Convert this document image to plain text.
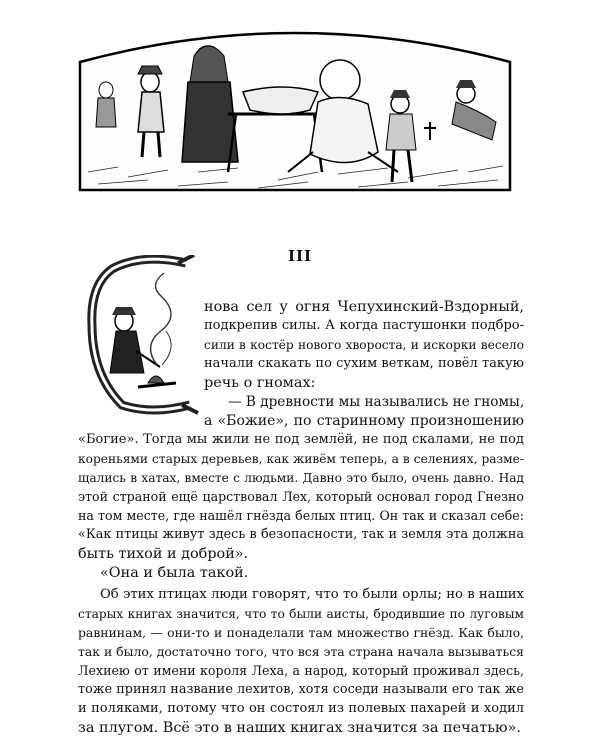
III
нова сел у огня Чепухинский-Вздорный,
подкрепив силы. А когда пастушонки подбро-
сили в костёр нового хвороста, и искорки весело
начали скакать по сухим веткам, повёл такую
речь о гномах:
— В древности мы назывались не гномы,
а «Божие», по старинному произношению
«Богие». Тогда мы жили не под землёй, не под скалами, не под
кореньями старых деревьев, как живём теперь, а в селениях, разме-
щались в хатах, вместе с людьми. Давно это было, очень давно. Над
этой страной ещё царствовал Лех, который основал город Гнезно
на том месте, где нашёл гнёзда белых птиц. Он так и сказал себе:
«Как птицы живут здесь в безопасности, так и земля эта должна
быть тихой и доброй».
«Она и была такой.
Об этих птицах люди говорят, что то были орлы; но в наших
старых книгах значится, что то были аисты, бродившие по луговым
равнинам, — они-то и понаделали там множество гнёзд. Как было,
так и было, достаточно того, что вся эта страна начала вызываться
Лехиею от имени короля Леха, а народ, который проживал здесь,
тоже принял название лехитов, хотя соседи называли его так же
и поляками, потому что он состоял из полевых пахарей и ходил
за плугом. Всё это в наших книгах значится за печатью».
